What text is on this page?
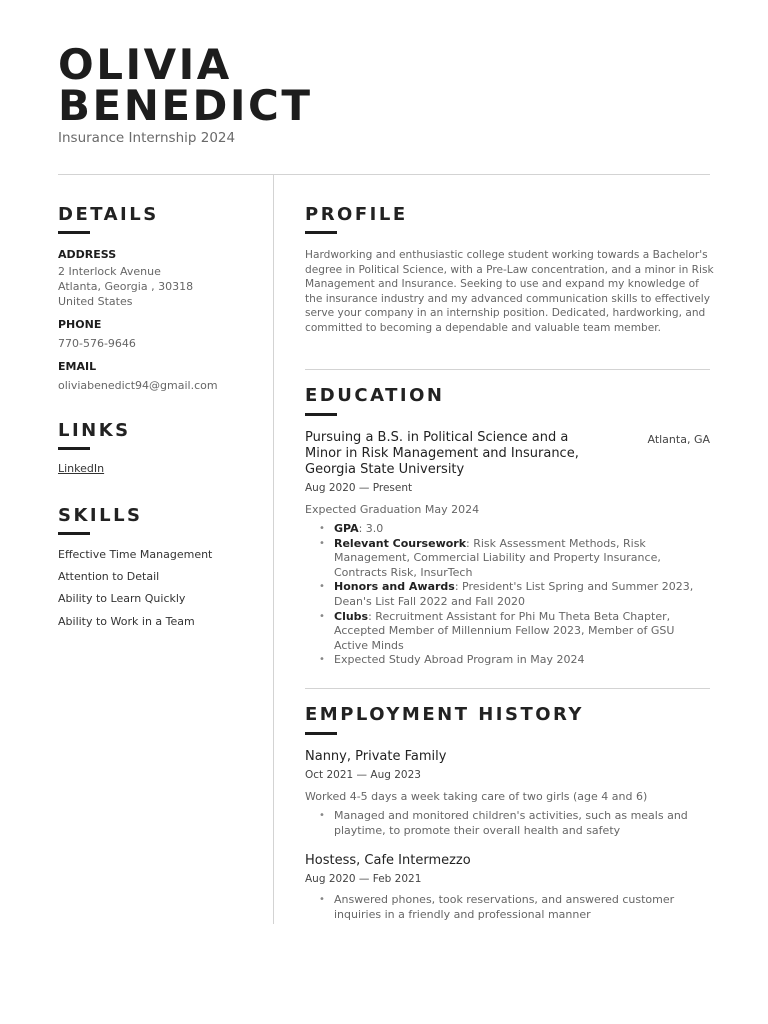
OLIVIA
BENEDICT
Insurance Internship 2024
DETAILS
ADDRESS
2 Interlock Avenue
Atlanta, Georgia , 30318
United States
PHONE
770-576-9646
EMAIL
oliviabenedict94@gmail.com
LINKS
LinkedIn
SKILLS
Effective Time Management
Attention to Detail
Ability to Learn Quickly
Ability to Work in a Team
PROFILE
Hardworking and enthusiastic college student working towards a Bachelor's degree in Political Science, with a Pre-Law concentration, and a minor in Risk Management and Insurance. Seeking to use and expand my knowledge of the insurance industry and my advanced communication skills to effectively serve your company in an internship position. Dedicated, hardworking, and committed to becoming a dependable and valuable team member.
EDUCATION
Pursuing a B.S. in Political Science and a
Minor in Risk Management and Insurance,
Georgia State University
Atlanta, GA
Aug 2020 — Present
Expected Graduation May 2024
• GPA: 3.0
• Relevant Coursework: Risk Assessment Methods, Risk Management, Commercial Liability and Property Insurance, Contracts Risk, InsurTech
• Honors and Awards: President's List Spring and Summer 2023, Dean's List Fall 2022 and Fall 2020
• Clubs: Recruitment Assistant for Phi Mu Theta Beta Chapter, Accepted Member of Millennium Fellow 2023, Member of GSU Active Minds
• Expected Study Abroad Program in May 2024
EMPLOYMENT HISTORY
Nanny, Private Family
Oct 2021 — Aug 2023
Worked 4-5 days a week taking care of two girls (age 4 and 6)
• Managed and monitored children's activities, such as meals and playtime, to promote their overall health and safety
Hostess, Cafe Intermezzo
Aug 2020 — Feb 2021
• Answered phones, took reservations, and answered customer inquiries in a friendly and professional manner
